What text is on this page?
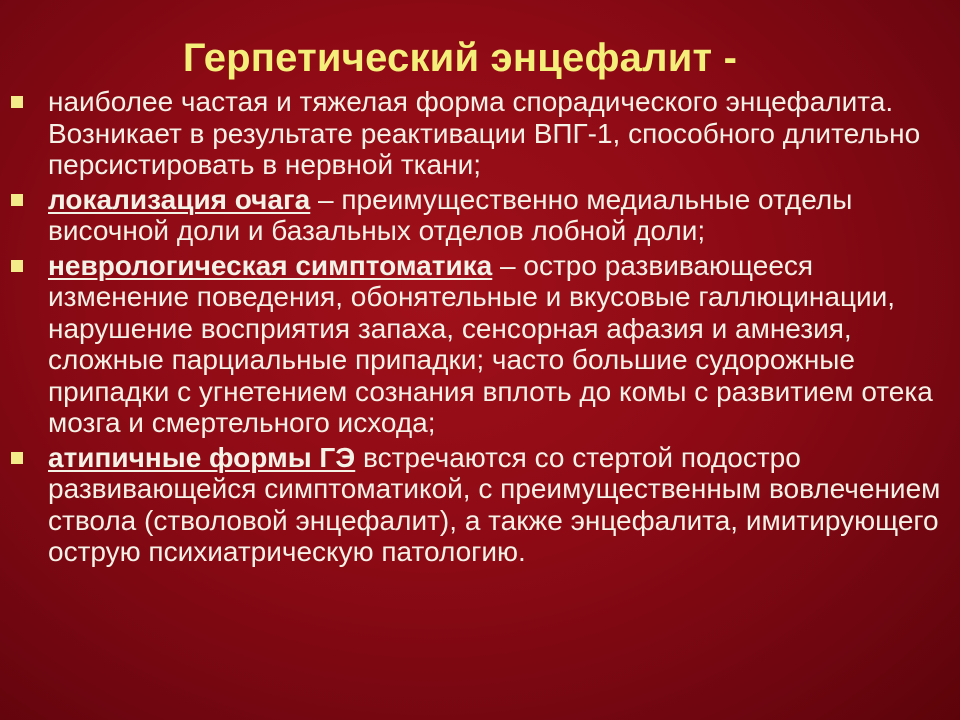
Герпетический энцефалит -
наиболее частая и тяжелая форма спорадического энцефалита. Возникает в результате реактивации ВПГ-1, способного длительно персистировать в нервной ткани;
локализация очага – преимущественно медиальные отделы височной доли и базальных отделов лобной доли;
неврологическая симптоматика – остро развивающееся изменение поведения, обонятельные и вкусовые галлюцинации, нарушение восприятия запаха, сенсорная афазия и амнезия, сложные парциальные припадки; часто большие судорожные припадки с угнетением сознания вплоть до комы с развитием отека мозга и смертельного исхода;
атипичные формы ГЭ встречаются со стертой подостро развивающейся симптоматикой, с преимущественным вовлечением ствола (стволовой энцефалит), а также энцефалита, имитирующего острую психиатрическую патологию.
